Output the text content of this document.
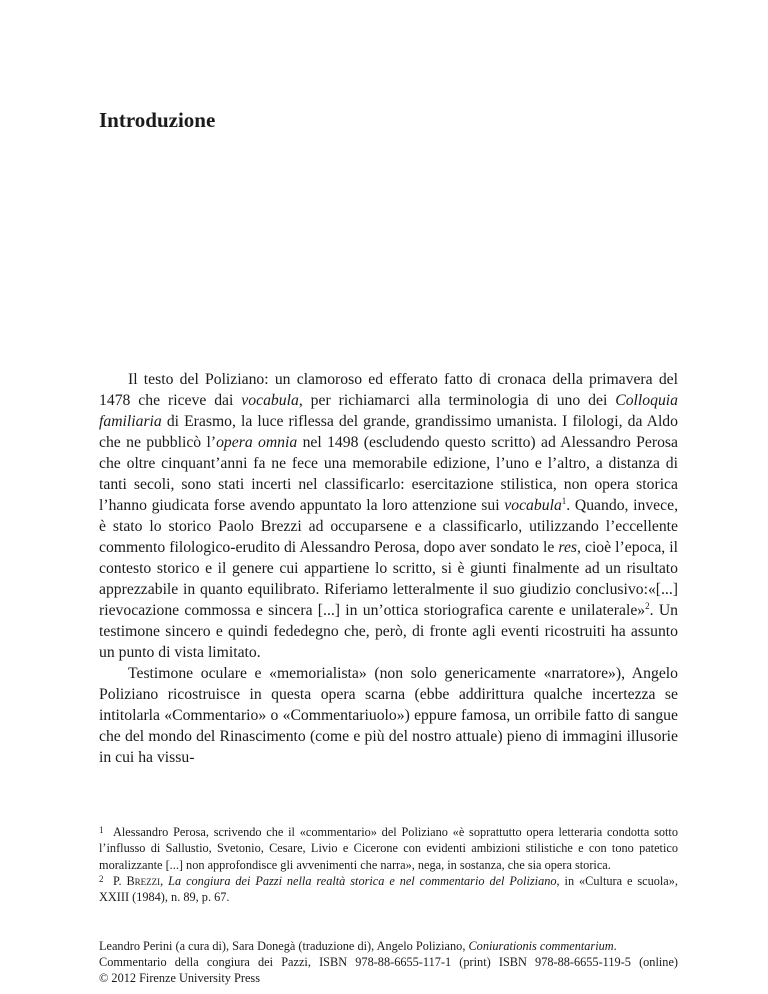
Introduzione

Il testo del Poliziano: un clamoroso ed efferato fatto di cronaca della primavera del 1478 che riceve dai vocabula, per richiamarci alla terminologia di uno dei Colloquia familiaria di Erasmo, la luce riflessa del grande, grandissimo umanista. I filologi, da Aldo che ne pubblicò l’opera omnia nel 1498 (escludendo questo scritto) ad Alessandro Perosa che oltre cinquant’anni fa ne fece una memorabile edizione, l’uno e l’altro, a distanza di tanti secoli, sono stati incerti nel classificarlo: esercitazione stilistica, non opera storica l’hanno giudicata forse avendo appuntato la loro attenzione sui vocabula$^1$. Quando, invece, è stato lo storico Paolo Brezzi ad occuparsene e a classificarlo, utilizzando l’eccellente commento filologico-erudito di Alessandro Perosa, dopo aver sondato le res, cioè l’epoca, il contesto storico e il genere cui appartiene lo scritto, si è giunti finalmente ad un risultato apprezzabile in quanto equilibrato. Riferiamo letteralmente il suo giudizio conclusivo:«[...] rievocazione commossa e sincera [...] in un’ottica storiografica carente e unilaterale»$^2$. Un testimone sincero e quindi fededegno che, però, di fronte agli eventi ricostruiti ha assunto un punto di vista limitato.

Testimone oculare e «memorialista» (non solo genericamente «narratore»), Angelo Poliziano ricostruisce in questa opera scarna (ebbe addirittura qualche incertezza se intitolarla «Commentario» o «Commentariuolo») eppure famosa, un orribile fatto di sangue che del mondo del Rinascimento (come e più del nostro attuale) pieno di immagini illusorie in cui ha vissu-

1 Alessandro Perosa, scrivendo che il «commentario» del Poliziano «è soprattutto opera letteraria condotta sotto l’influsso di Sallustio, Svetonio, Cesare, Livio e Cicerone con evidenti ambizioni stilistiche e con tono patetico moralizzante [...] non approfondisce gli avvenimenti che narra», nega, in sostanza, che sia opera storica.

2 P. Brezzi, La congiura dei Pazzi nella realtà storica e nel commentario del Poliziano, in «Cultura e scuola», XXIII (1984), n. 89, p. 67.

Leandro Perini (a cura di), Sara Donegà (traduzione di), Angelo Poliziano, Coniurationis commentarium.

Commentario della congiura dei Pazzi, ISBN 978-88-6655-117-1 (print) ISBN 978-88-6655-119-5 (online)

© 2012 Firenze University Press
